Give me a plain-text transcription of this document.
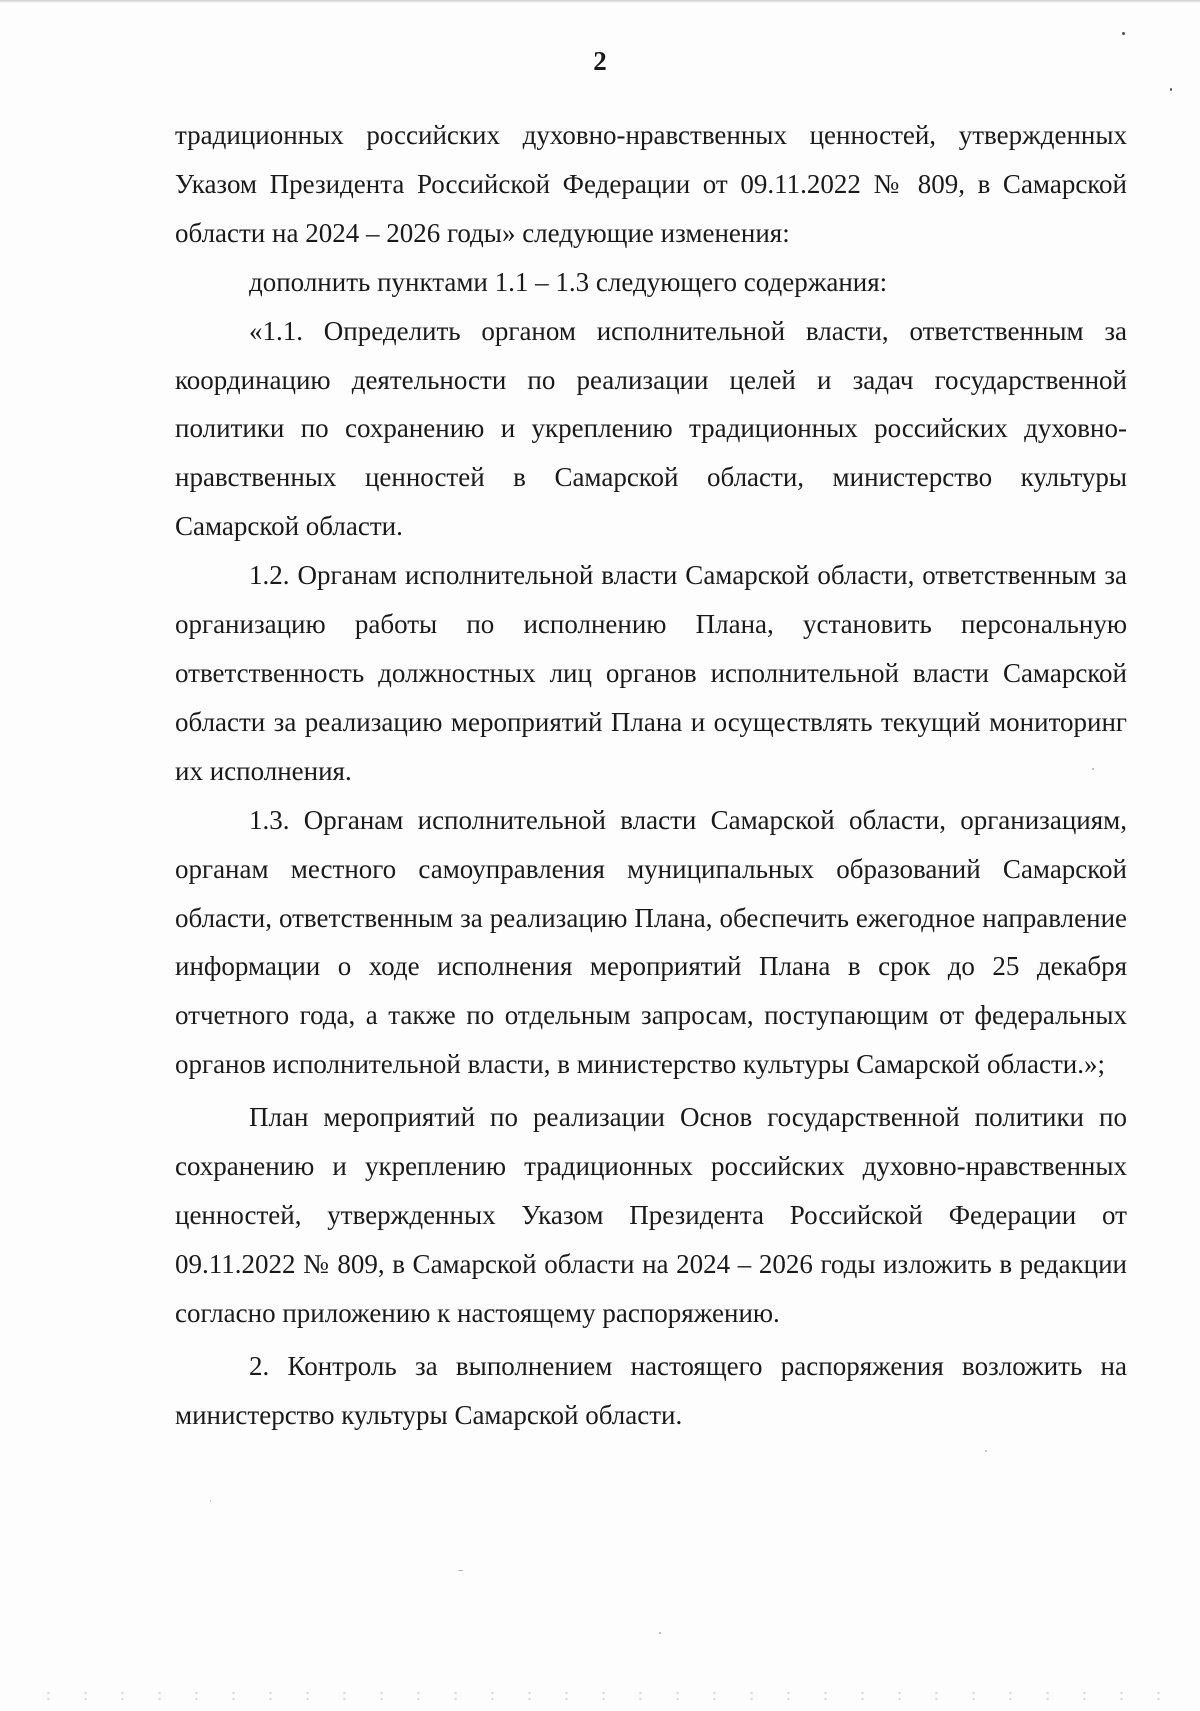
2

традиционных российских духовно-нравственных ценностей, утвержденных Указом Президента Российской Федерации от 09.11.2022 № 809, в Самарской области на 2024 – 2026 годы» следующие изменения:

дополнить пунктами 1.1 – 1.3 следующего содержания:

«1.1. Определить органом исполнительной власти, ответственным за координацию деятельности по реализации целей и задач государственной политики по сохранению и укреплению традиционных российских духовно-нравственных ценностей в Самарской области, министерство культуры Самарской области.

1.2. Органам исполнительной власти Самарской области, ответственным за организацию работы по исполнению Плана, установить персональную ответственность должностных лиц органов исполнительной власти Самарской области за реализацию мероприятий Плана и осуществлять текущий мониторинг их исполнения.

1.3. Органам исполнительной власти Самарской области, организациям, органам местного самоуправления муниципальных образований Самарской области, ответственным за реализацию Плана, обеспечить ежегодное направление информации о ходе исполнения мероприятий Плана в срок до 25 декабря отчетного года, а также по отдельным запросам, поступающим от федеральных органов исполнительной власти, в министерство культуры Самарской области.»;

План мероприятий по реализации Основ государственной политики по сохранению и укреплению традиционных российских духовно-нравственных ценностей, утвержденных Указом Президента Российской Федерации от 09.11.2022 № 809, в Самарской области на 2024 – 2026 годы изложить в редакции согласно приложению к настоящему распоряжению.

2. Контроль за выполнением настоящего распоряжения возложить на министерство культуры Самарской области.
